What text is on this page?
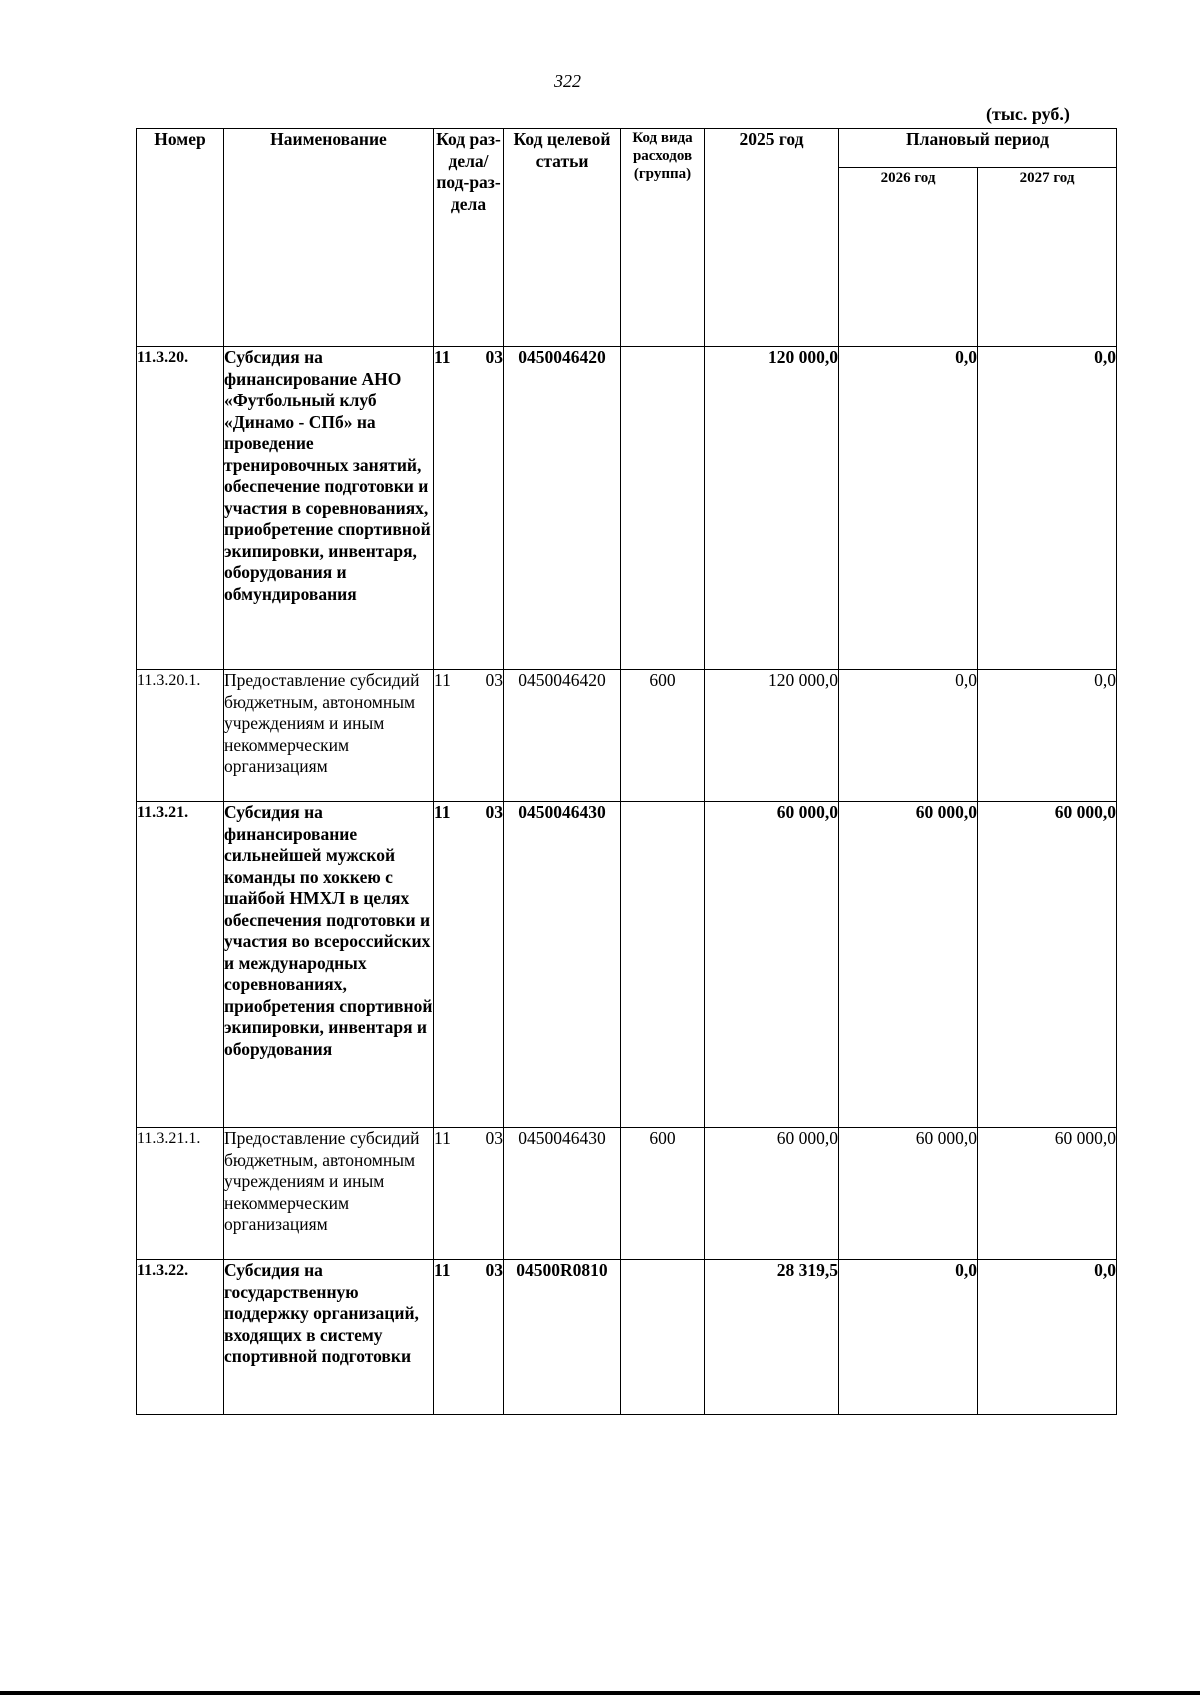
322
(тыс. руб.)
Номер	Наименование	Код раз-дела/ под-раз-дела	Код целевой статьи	Код вида расходов (группа)	2025 год	Плановый период	
						2026 год	2027 год
11.3.20.	Субсидия на финансирование АНО «Футбольный клуб «Динамо - СПб» на проведение тренировочных занятий, обеспечение подготовки и участия в соревнованиях, приобретение спортивной экипировки, инвентаря, оборудования и обмундирования	11 03	0450046420		120 000,0	0,0	0,0
11.3.20.1.	Предоставление субсидий бюджетным, автономным учреждениям и иным некоммерческим организациям	11 03	0450046420	600	120 000,0	0,0	0,0
11.3.21.	Субсидия на финансирование сильнейшей мужской команды по хоккею с шайбой НМХЛ в целях обеспечения подготовки и участия во всероссийских и международных соревнованиях, приобретения спортивной экипировки, инвентаря и оборудования	11 03	0450046430		60 000,0	60 000,0	60 000,0
11.3.21.1.	Предоставление субсидий бюджетным, автономным учреждениям и иным некоммерческим организациям	11 03	0450046430	600	60 000,0	60 000,0	60 000,0
11.3.22.	Субсидия на государственную поддержку организаций, входящих в систему спортивной подготовки	11 03	04500R0810		28 319,5	0,0	0,0
